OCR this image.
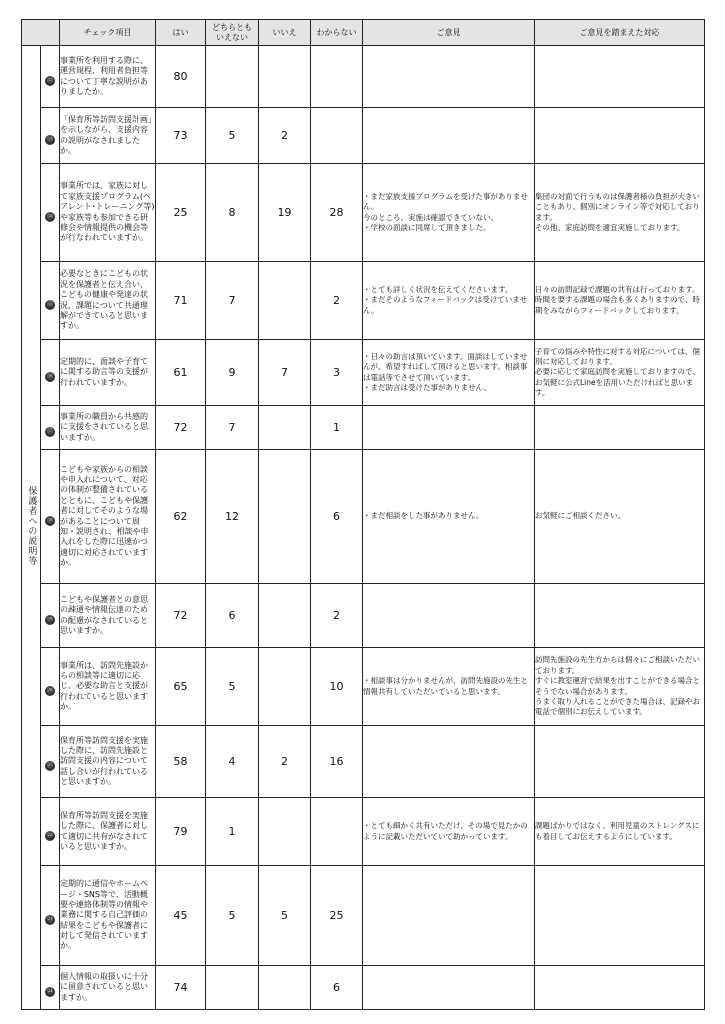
		チェック項目	はい	どちらとも
いえない	いいえ	わからない	ご意見	ご意見を踏まえた対応
保護者への説明等	⑫	事業所を利用する際に、運営規程、利用者負担等について丁寧な説明がありましたか。	80					
	⑬	「保育所等訪問支援計画」を示しながら、支援内容の説明がなされましたか。	73	5	2			
	⑭	事業所では、家族に対して家族支援プログラム(ペアレント･トレーニング等)や家族等も参加できる研修会や情報提供の機会等が行なわれていますか。	25	8	19	28	・まだ家族支援プログラムを受けた事がありません。
今のところ、実施は確認できていない。
・学校の面談に同席して頂きました。	集団の対面で行うものは保護者様の負担が大きいこともあり、個別にオンライン等で対応しております。
その他、家庭訪問を適宜実施しております。

	⑮	必要なときにこどもの状況を保護者と伝え合い、こどもの健康や発達の状況、課題について共通理解ができていると思いますか。	71	7		2	・とても詳しく状況を伝えてくださいます。
・まだそのようなフィードバックは受けていません。	日々の訪問記録で課題の共有は行っております。
時間を要する課題の場合も多くありますので、時期をみながらフィードバックしております。

	⑯	定期的に、面談や子育てに関する助言等の支援が行われていますか。	61	9	7	3	・日々の助言は頂いています。面談はしていませんが、希望すればして頂けると思います。相談事は電話等でさせて頂いています。
・まだ助言は受けた事がありません。	子育ての悩みや特性に対する対応については、個別に対応しております。
必要に応じて家庭訪問を実施しておりますので、お気軽に公式Lineを活用いただければと思います。

	⑰	事業所の職員から共感的に支援をされていると思いますか。	72	7		1		
	⑱	こどもや家族からの相談や申入れについて、対応の体制が整備されているとともに、こどもや保護者に対してそのような場があることについて周知・説明され、相談や申入れをした際に迅速かつ適切に対応されていますか。	62	12		6	・まだ相談をした事がありません。	お気軽にご相談ください。

	⑲	こどもや保護者との意思の疎通や情報伝達のための配慮がなされていると思いますか。	72	6		2		
	⑳	事業所は、訪問先施設からの相談等に適切に応じ、必要な助言と支援が行われていると思いますか。	65	5		10	・相談事は分かりませんが、訪問先施設の先生と情報共有していただいていると思います。	訪問先施設の先生方からは個々にご相談いただいております。
すぐに教室運営で結果を出すことができる場合とそうでない場合があります。
うまく取り入れることができた場合は、記録やお電話で個別にお伝えしています。

	㉑	保育所等訪問支援を実施した際に、訪問先施設と訪問支援の内容について話し合いが行われていると思いますか。	58	4	2	16		
	㉒	保育所等訪問支援を実施した際に、保護者に対して適切に共有がなされていると思いますか。	79	1			・とても細かく共有いただけ、その場で見たかのように記載いただいていて助かっています。	課題ばかりではなく、利用児童のストレングスにも着目してお伝えするようにしています。

	㉓	定期的に通信やホームページ・SNS等で、活動概要や連絡体制等の情報や業務に関する自己評価の結果をこどもや保護者に対して発信されていますか。	45	5	5	25		
	㉔	個人情報の取扱いに十分に留意されていると思いますか。	74			6		
